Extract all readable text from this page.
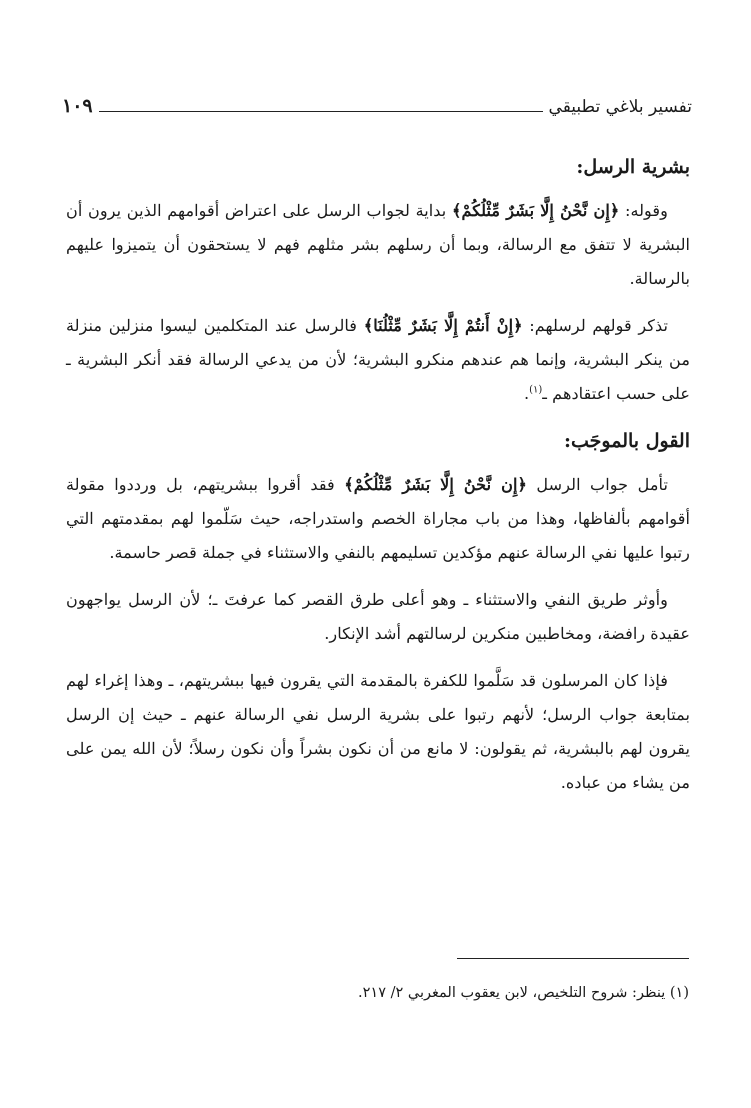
تفسير بلاغي تطبيقي
١٠٩
بشرية الرسل:

وقوله: ﴿إِن نَّحْنُ إِلَّا بَشَرٌ مِّثْلُكُمْ﴾ بداية لجواب الرسل على اعتراض أقوامهم الذين يرون أن البشرية لا تتفق مع الرسالة، وبما أن رسلهم بشر مثلهم فهم لا يستحقون أن يتميزوا عليهم بالرسالة.

تذكر قولهم لرسلهم: ﴿إِنْ أَنتُمْ إِلَّا بَشَرٌ مِّثْلُنَا﴾ فالرسل عند المتكلمين ليسوا منزلين منزلة من ينكر البشرية، وإنما هم عندهم منكرو البشرية؛ لأن من يدعي الرسالة فقد أنكر البشرية ـ على حسب اعتقادهم ـ$^{(١)}$.

القول بالموجَب:

تأمل جواب الرسل ﴿إِن نَّحْنُ إِلَّا بَشَرٌ مِّثْلُكُمْ﴾ فقد أقروا ببشريتهم، بل ورددوا مقولة أقوامهم بألفاظها، وهذا من باب مجاراة الخصم واستدراجه، حيث سَلّموا لهم بمقدمتهم التي رتبوا عليها نفي الرسالة عنهم مؤكدين تسليمهم بالنفي والاستثناء في جملة قصر حاسمة.

وأوثر طريق النفي والاستثناء ـ وهو أعلى طرق القصر كما عرفتَ ـ؛ لأن الرسل يواجهون عقيدة رافضة، ومخاطبين منكرين لرسالتهم أشد الإنكار.

فإذا كان المرسلون قد سَلَّموا للكفرة بالمقدمة التي يقرون فيها ببشريتهم، ـ وهذا إغراء لهم بمتابعة جواب الرسل؛ لأنهم رتبوا على بشرية الرسل نفي الرسالة عنهم ـ حيث إن الرسل يقرون لهم بالبشرية، ثم يقولون: لا مانع من أن نكون بشراً وأن نكون رسلاً؛ لأن الله يمن على من يشاء من عباده.

(١) ينظر: شروح التلخيص، لابن يعقوب المغربي ٢/ ٢١٧.
